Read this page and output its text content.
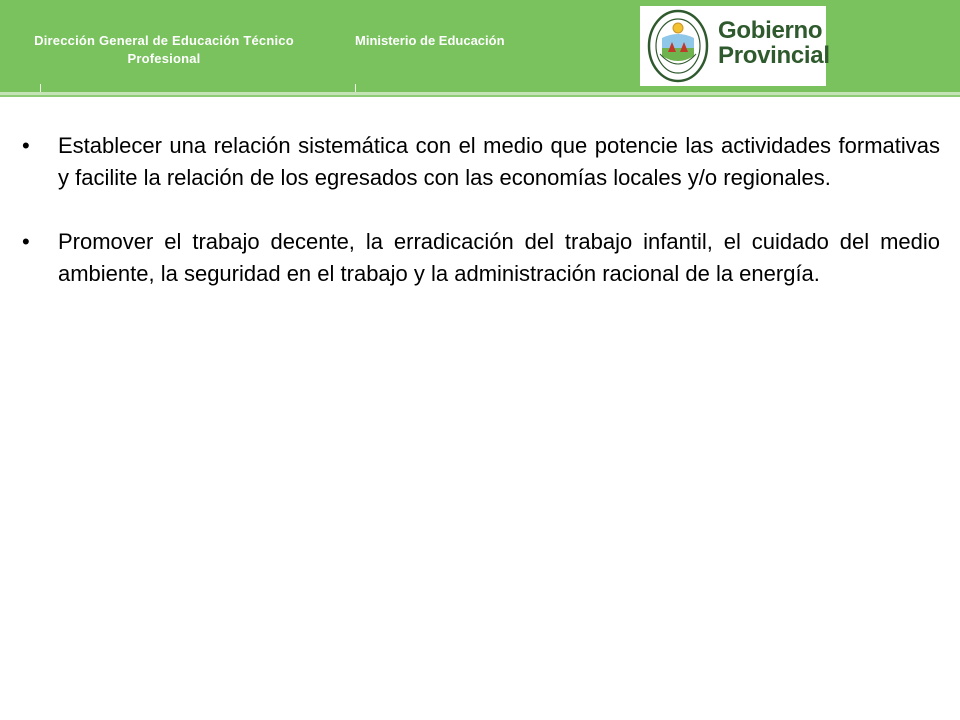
Dirección General de Educación Técnico Profesional
Ministerio de Educación	Gobierno
Provincial
•	Establecer una relación sistemática con el medio que potencie las actividades formativas y facilite la relación de los egresados con las economías locales y/o regionales.
•	Promover el trabajo decente, la erradicación del trabajo infantil, el cuidado del medio ambiente, la seguridad en el trabajo y la administración racional de la energía.
